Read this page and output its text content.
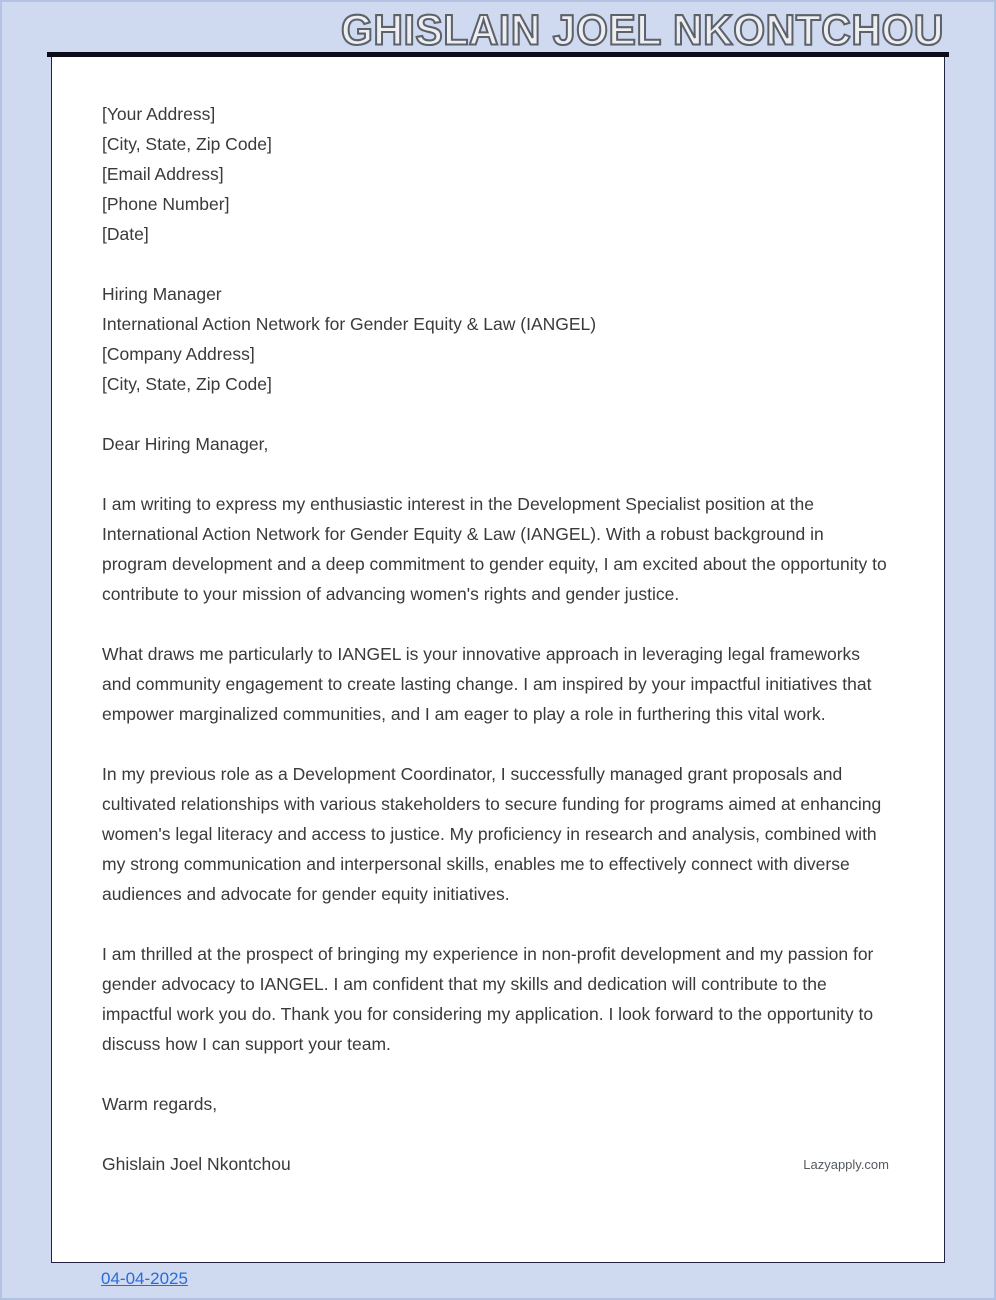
GHISLAIN JOEL NKONTCHOU
[Your Address]
[City, State, Zip Code]
[Email Address]
[Phone Number]
[Date]
Hiring Manager
International Action Network for Gender Equity & Law (IANGEL)
[Company Address]
[City, State, Zip Code]
Dear Hiring Manager,

I am writing to express my enthusiastic interest in the Development Specialist position at the International Action Network for Gender Equity & Law (IANGEL). With a robust background in program development and a deep commitment to gender equity, I am excited about the opportunity to contribute to your mission of advancing women's rights and gender justice.

What draws me particularly to IANGEL is your innovative approach in leveraging legal frameworks and community engagement to create lasting change. I am inspired by your impactful initiatives that empower marginalized communities, and I am eager to play a role in furthering this vital work.

In my previous role as a Development Coordinator, I successfully managed grant proposals and cultivated relationships with various stakeholders to secure funding for programs aimed at enhancing women's legal literacy and access to justice. My proficiency in research and analysis, combined with my strong communication and interpersonal skills, enables me to effectively connect with diverse audiences and advocate for gender equity initiatives.

I am thrilled at the prospect of bringing my experience in non-profit development and my passion for gender advocacy to IANGEL. I am confident that my skills and dedication will contribute to the impactful work you do. Thank you for considering my application. I look forward to the opportunity to discuss how I can support your team.

Warm regards,
Ghislain Joel Nkontchou	Lazyapply.com
04-04-2025
